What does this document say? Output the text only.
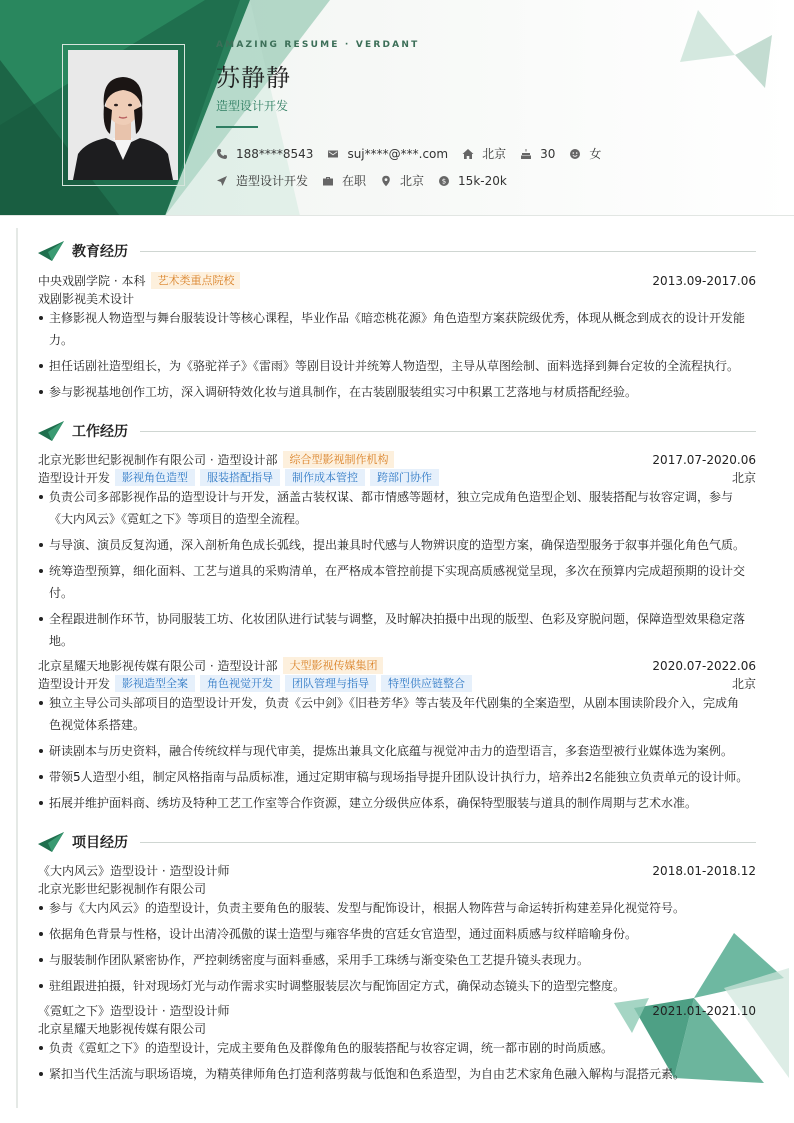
AMAZING RESUME · VERDANT
苏静静
造型设计开发
188****8543	suj****@***.com	北京	30	女
造型设计开发	在职	北京	$ 15k-20k
教育经历
中央戏剧学院 · 本科	艺术类重点院校	2013.09-2017.06
戏剧影视美术设计
主修影视人物造型与舞台服装设计等核心课程，毕业作品《暗恋桃花源》角色造型方案获院级优秀，体现从概念到成衣的设计开发能力。
担任话剧社造型组长，为《骆驼祥子》《雷雨》等剧目设计并统筹人物造型，主导从草图绘制、面料选择到舞台定妆的全流程执行。
参与影视基地创作工坊，深入调研特效化妆与道具制作，在古装剧服装组实习中积累工艺落地与材质搭配经验。
工作经历
北京光影世纪影视制作有限公司 · 造型设计部	综合型影视制作机构	2017.07-2020.06
造型设计开发	影视角色造型	服装搭配指导	制作成本管控	跨部门协作	北京
负责公司多部影视作品的造型设计与开发，涵盖古装权谋、都市情感等题材，独立完成角色造型企划、服装搭配与妆容定调，参与《大内风云》《霓虹之下》等项目的造型全流程。
与导演、演员反复沟通，深入剖析角色成长弧线，提出兼具时代感与人物辨识度的造型方案，确保造型服务于叙事并强化角色气质。
统筹造型预算，细化面料、工艺与道具的采购清单，在严格成本管控前提下实现高质感视觉呈现，多次在预算内完成超预期的设计交付。
全程跟进制作环节，协同服装工坊、化妆团队进行试装与调整，及时解决拍摄中出现的版型、色彩及穿脱问题，保障造型效果稳定落地。
北京星耀天地影视传媒有限公司 · 造型设计部	大型影视传媒集团	2020.07-2022.06
造型设计开发	影视造型全案	角色视觉开发	团队管理与指导	特型供应链整合	北京
独立主导公司头部项目的造型设计开发，负责《云中剑》《旧巷芳华》等古装及年代剧集的全案造型，从剧本围读阶段介入，完成角色视觉体系搭建。
研读剧本与历史资料，融合传统纹样与现代审美，提炼出兼具文化底蕴与视觉冲击力的造型语言，多套造型被行业媒体选为案例。
带领5人造型小组，制定风格指南与品质标准，通过定期审稿与现场指导提升团队设计执行力，培养出2名能独立负责单元的设计师。
拓展并维护面料商、绣坊及特种工艺工作室等合作资源，建立分级供应体系，确保特型服装与道具的制作周期与艺术水准。
项目经历
《大内风云》造型设计 · 造型设计师	2018.01-2018.12
北京光影世纪影视制作有限公司
参与《大内风云》的造型设计，负责主要角色的服装、发型与配饰设计，根据人物阵营与命运转折构建差异化视觉符号。
依据角色背景与性格，设计出清冷孤傲的谋士造型与雍容华贵的宫廷女官造型，通过面料质感与纹样暗喻身份。
与服装制作团队紧密协作，严控刺绣密度与面料垂感，采用手工珠绣与渐变染色工艺提升镜头表现力。
驻组跟进拍摄，针对现场灯光与动作需求实时调整服装层次与配饰固定方式，确保动态镜头下的造型完整度。
《霓虹之下》造型设计 · 造型设计师	2021.01-2021.10
北京星耀天地影视传媒有限公司
负责《霓虹之下》的造型设计，完成主要角色及群像角色的服装搭配与妆容定调，统一都市剧的时尚质感。
紧扣当代生活流与职场语境，为精英律师角色打造利落剪裁与低饱和色系造型，为自由艺术家角色融入解构与混搭元素。
